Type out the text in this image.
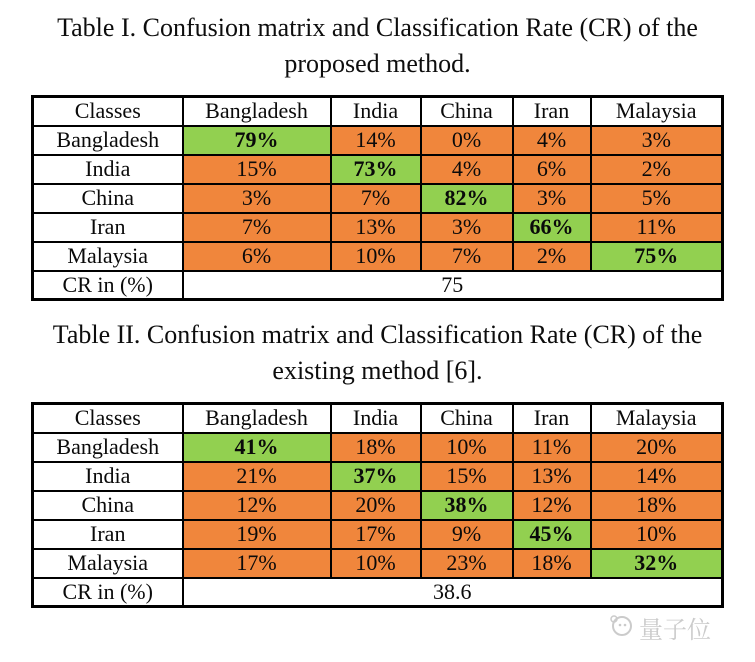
Table I. Confusion matrix and Classification Rate (CR) of the
proposed method.
Classes	Bangladesh	India	China	Iran	Malaysia
Bangladesh	79%	14%	0%	4%	3%
India	15%	73%	4%	6%	2%
China	3%	7%	82%	3%	5%
Iran	7%	13%	3%	66%	11%
Malaysia	6%	10%	7%	2%	75%
CR in (%)	75				
Table II. Confusion matrix and Classification Rate (CR) of the
existing method [6].
Classes	Bangladesh	India	China	Iran	Malaysia
Bangladesh	41%	18%	10%	11%	20%
India	21%	37%	15%	13%	14%
China	12%	20%	38%	12%	18%
Iran	19%	17%	9%	45%	10%
Malaysia	17%	10%	23%	18%	32%
CR in (%)	38.6				
量子位
